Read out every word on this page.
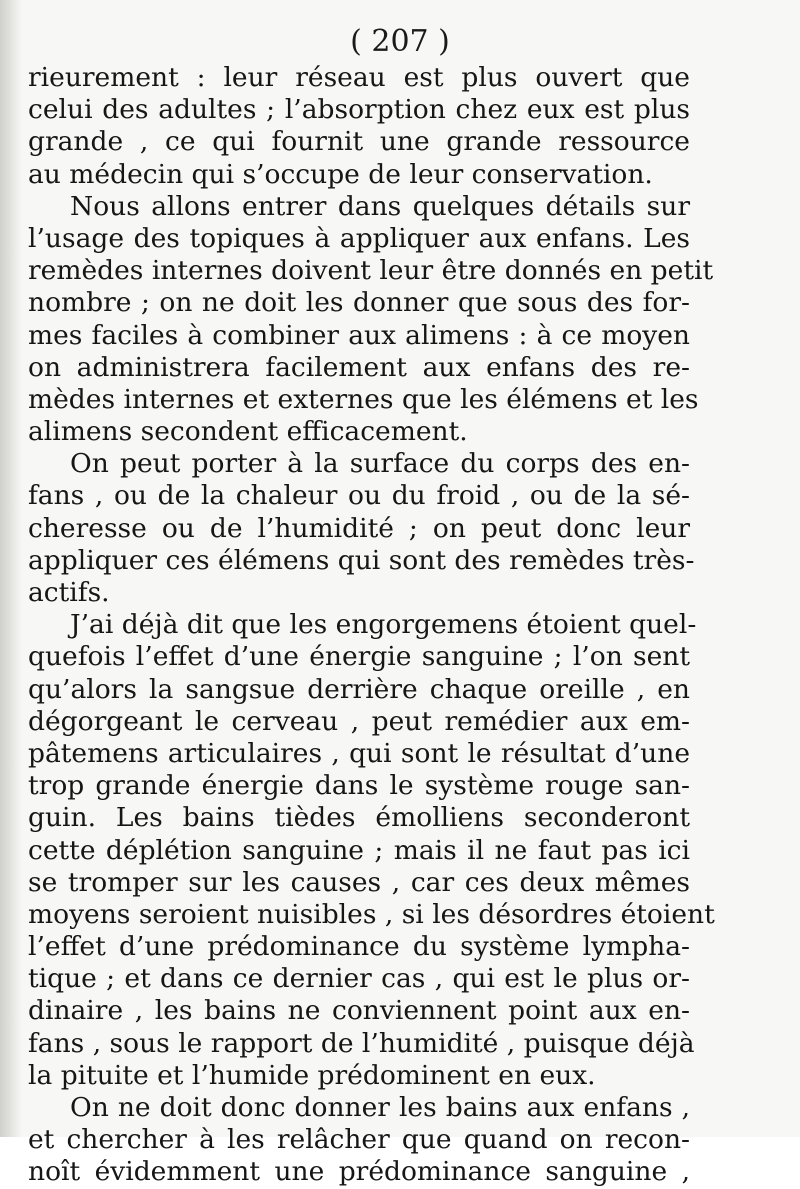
( 207 )
rieurement : leur réseau est plus ouvert que
celui des adultes ; l’absorption chez eux est plus
grande , ce qui fournit une grande ressource
au médecin qui s’occupe de leur conservation.
Nous allons entrer dans quelques détails sur
l’usage des topiques à appliquer aux enfans. Les
remèdes internes doivent leur être donnés en petit
nombre ; on ne doit les donner que sous des for-
mes faciles à combiner aux alimens : à ce moyen
on administrera facilement aux enfans des re-
mèdes internes et externes que les élémens et les
alimens secondent efficacement.
On peut porter à la surface du corps des en-
fans , ou de la chaleur ou du froid , ou de la sé-
cheresse ou de l’humidité ; on peut donc leur
appliquer ces élémens qui sont des remèdes très-
actifs.
J’ai déjà dit que les engorgemens étoient quel-
quefois l’effet d’une énergie sanguine ; l’on sent
qu’alors la sangsue derrière chaque oreille , en
dégorgeant le cerveau , peut remédier aux em-
pâtemens articulaires , qui sont le résultat d’une
trop grande énergie dans le système rouge san-
guin. Les bains tièdes émolliens seconderont
cette déplétion sanguine ; mais il ne faut pas ici
se tromper sur les causes , car ces deux mêmes
moyens seroient nuisibles , si les désordres étoient
l’effet d’une prédominance du système lympha-
tique ; et dans ce dernier cas , qui est le plus or-
dinaire , les bains ne conviennent point aux en-
fans , sous le rapport de l’humidité , puisque déjà
la pituite et l’humide prédominent en eux.
On ne doit donc donner les bains aux enfans ,
et chercher à les relâcher que quand on recon-
noît évidemment une prédominance sanguine ,
